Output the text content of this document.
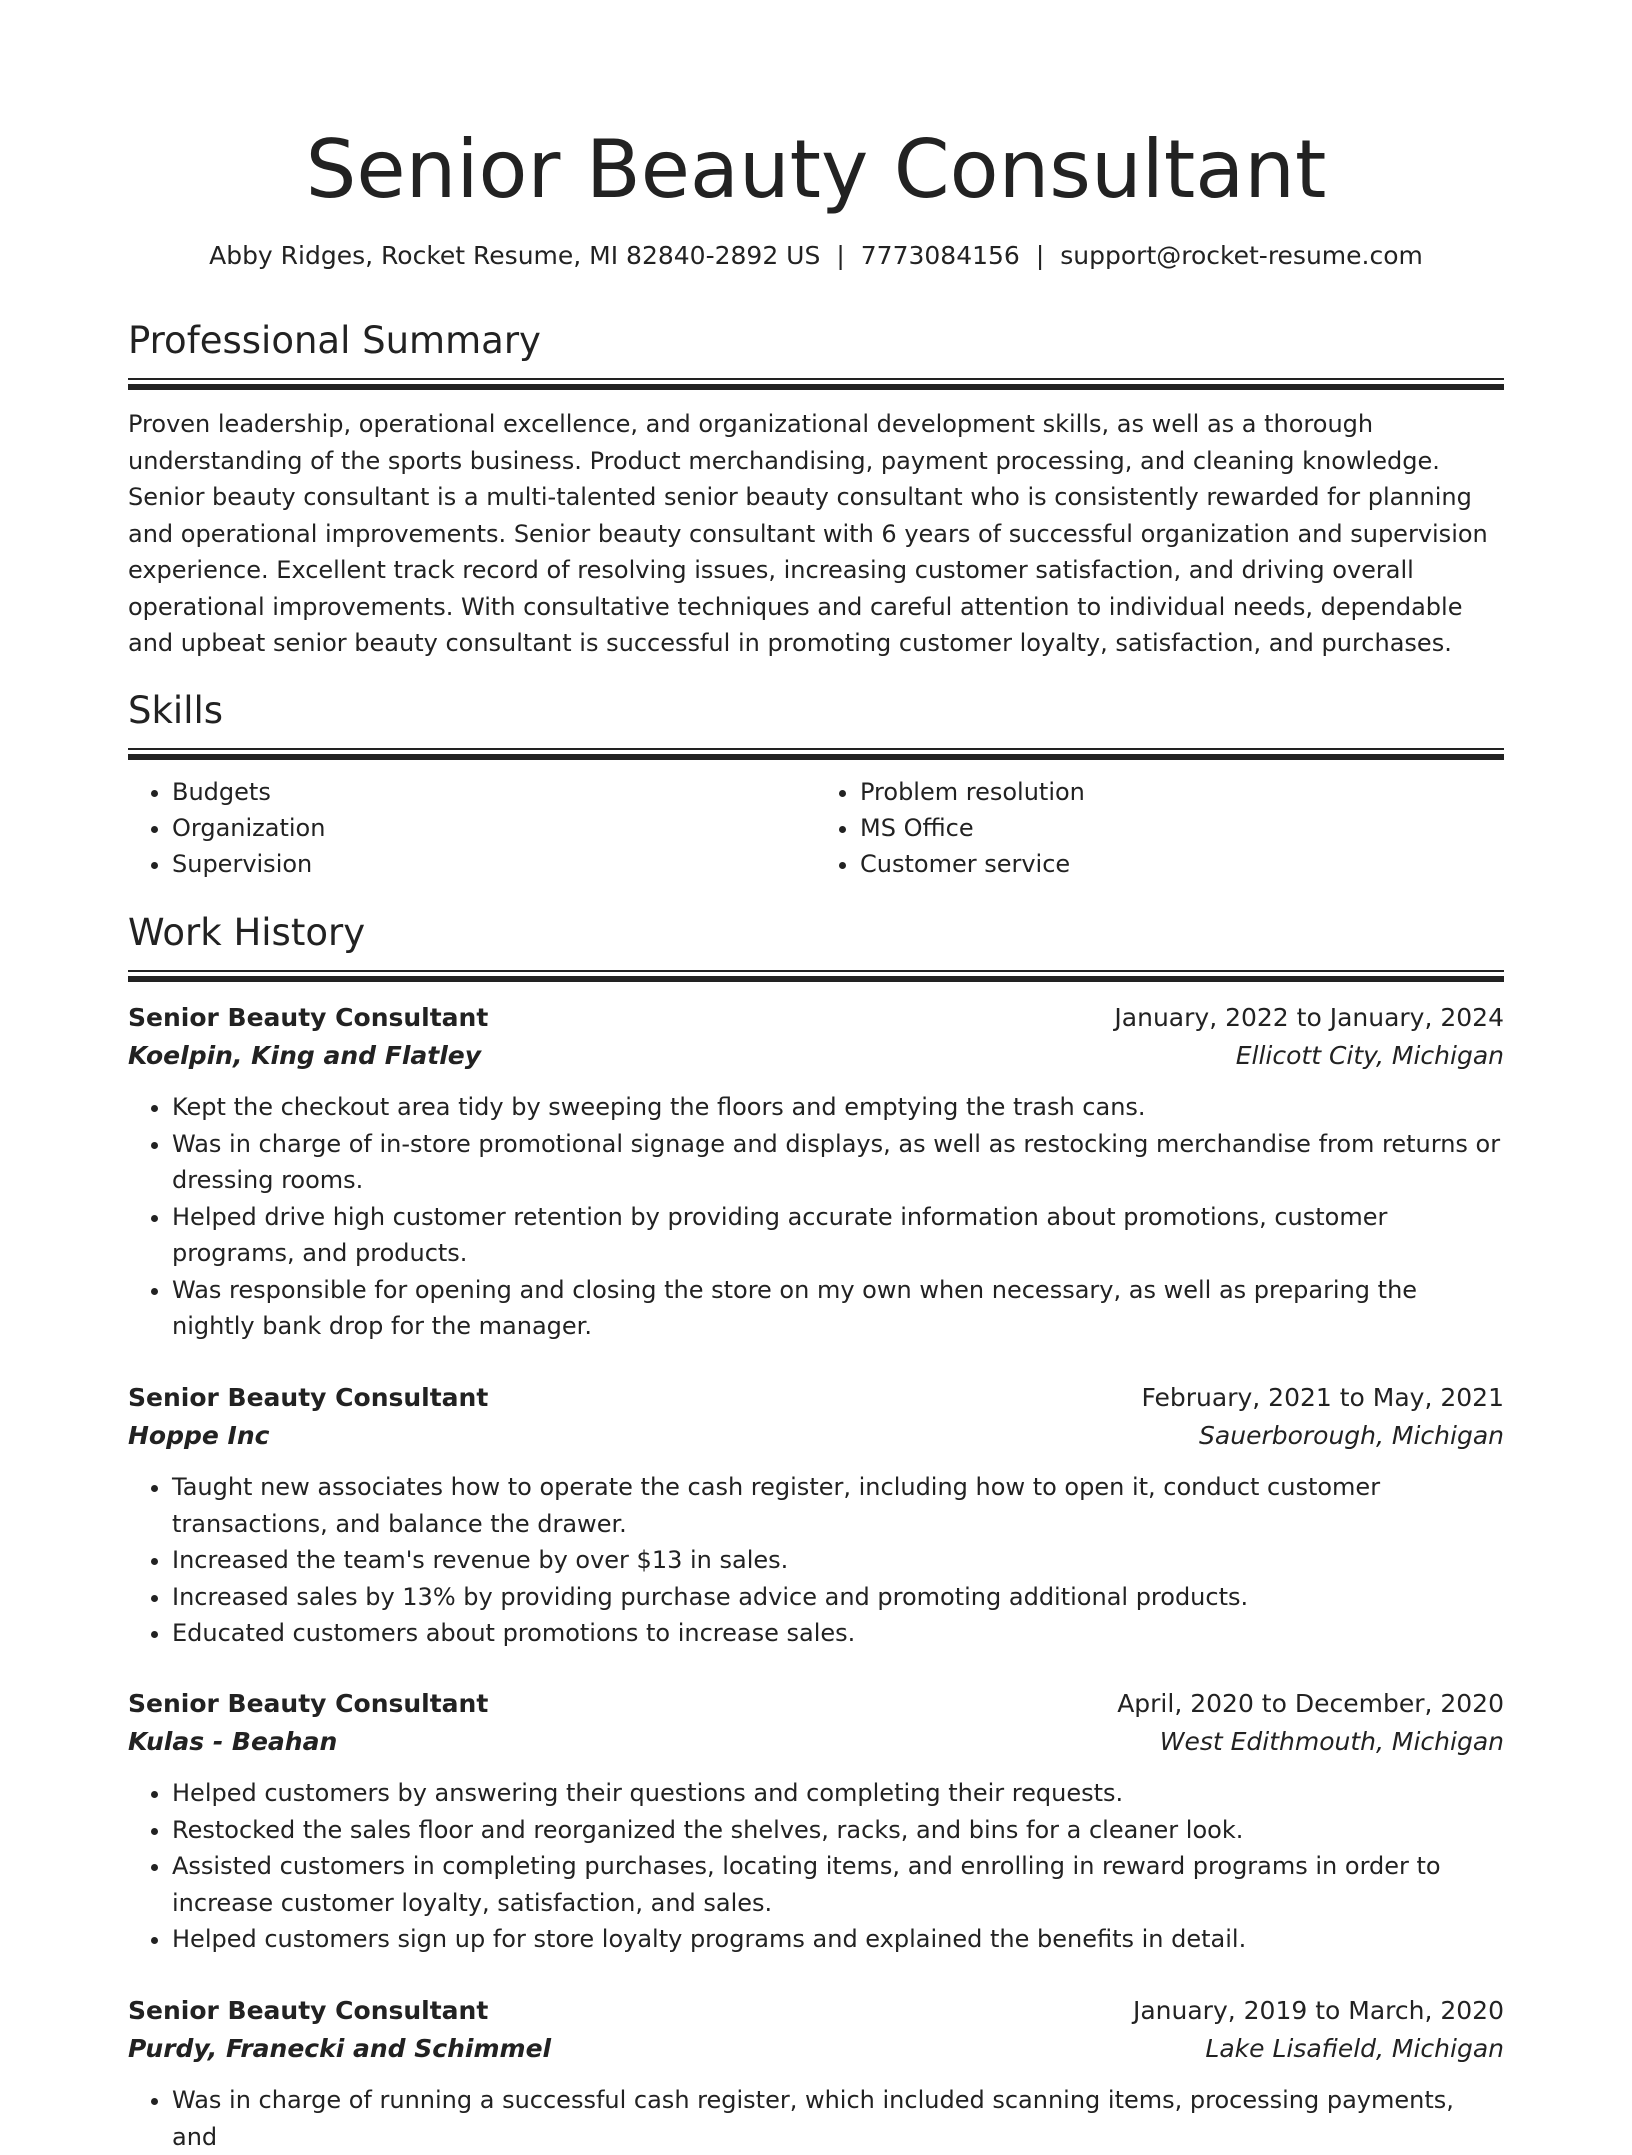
Senior Beauty Consultant
Abby Ridges, Rocket Resume, MI 82840-2892 US | 7773084156 | support@rocket-resume.com
Professional Summary
Proven leadership, operational excellence, and organizational development skills, as well as a thorough understanding of the sports business. Product merchandising, payment processing, and cleaning knowledge. Senior beauty consultant is a multi-talented senior beauty consultant who is consistently rewarded for planning and operational improvements. Senior beauty consultant with 6 years of successful organization and supervision experience. Excellent track record of resolving issues, increasing customer satisfaction, and driving overall operational improvements. With consultative techniques and careful attention to individual needs, dependable and upbeat senior beauty consultant is successful in promoting customer loyalty, satisfaction, and purchases.
Skills
• Budgets
• Organization
• Supervision
• Problem resolution
• MS Office
• Customer service
Work History
Senior Beauty Consultant	January, 2022 to January, 2024
Koelpin, King and Flatley	Ellicott City, Michigan
• Kept the checkout area tidy by sweeping the floors and emptying the trash cans.
• Was in charge of in-store promotional signage and displays, as well as restocking merchandise from returns or dressing rooms.
• Helped drive high customer retention by providing accurate information about promotions, customer programs, and products.
• Was responsible for opening and closing the store on my own when necessary, as well as preparing the nightly bank drop for the manager.
Senior Beauty Consultant	February, 2021 to May, 2021
Hoppe Inc	Sauerborough, Michigan
• Taught new associates how to operate the cash register, including how to open it, conduct customer transactions, and balance the drawer.
• Increased the team's revenue by over $13 in sales.
• Increased sales by 13% by providing purchase advice and promoting additional products.
• Educated customers about promotions to increase sales.
Senior Beauty Consultant	April, 2020 to December, 2020
Kulas - Beahan	West Edithmouth, Michigan
• Helped customers by answering their questions and completing their requests.
• Restocked the sales floor and reorganized the shelves, racks, and bins for a cleaner look.
• Assisted customers in completing purchases, locating items, and enrolling in reward programs in order to increase customer loyalty, satisfaction, and sales.
• Helped customers sign up for store loyalty programs and explained the benefits in detail.
Senior Beauty Consultant	January, 2019 to March, 2020
Purdy, Franecki and Schimmel	Lake Lisafield, Michigan
• Was in charge of running a successful cash register, which included scanning items, processing payments, and
